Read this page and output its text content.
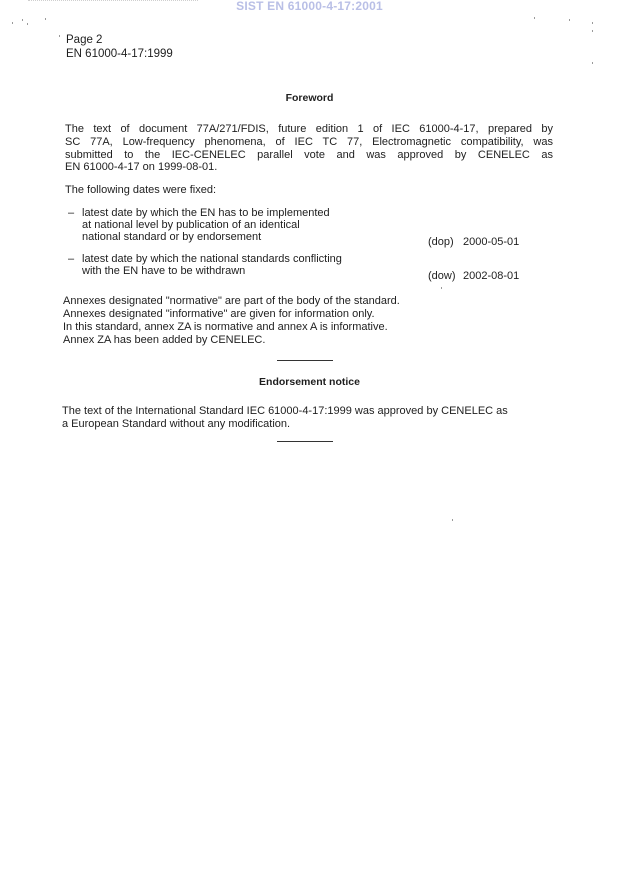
SIST EN 61000-4-17:2001
Page 2
EN 61000-4-17:1999
Foreword
The text of document 77A/271/FDIS, future edition 1 of IEC 61000-4-17, prepared by
SC 77A, Low-frequency phenomena, of IEC TC 77, Electromagnetic compatibility, was
submitted to the IEC-CENELEC parallel vote and was approved by CENELEC as
EN 61000-4-17 on 1999-08-01.
The following dates were fixed:
– latest date by which the EN has to be implemented
at national level by publication of an identical
national standard or by endorsement	(dop) 2000-05-01
– latest date by which the national standards conflicting
with the EN have to be withdrawn	(dow) 2002-08-01
Annexes designated "normative" are part of the body of the standard.
Annexes designated "informative" are given for information only.
In this standard, annex ZA is normative and annex A is informative.
Annex ZA has been added by CENELEC.
Endorsement notice
The text of the International Standard IEC 61000-4-17:1999 was approved by CENELEC as
a European Standard without any modification.
